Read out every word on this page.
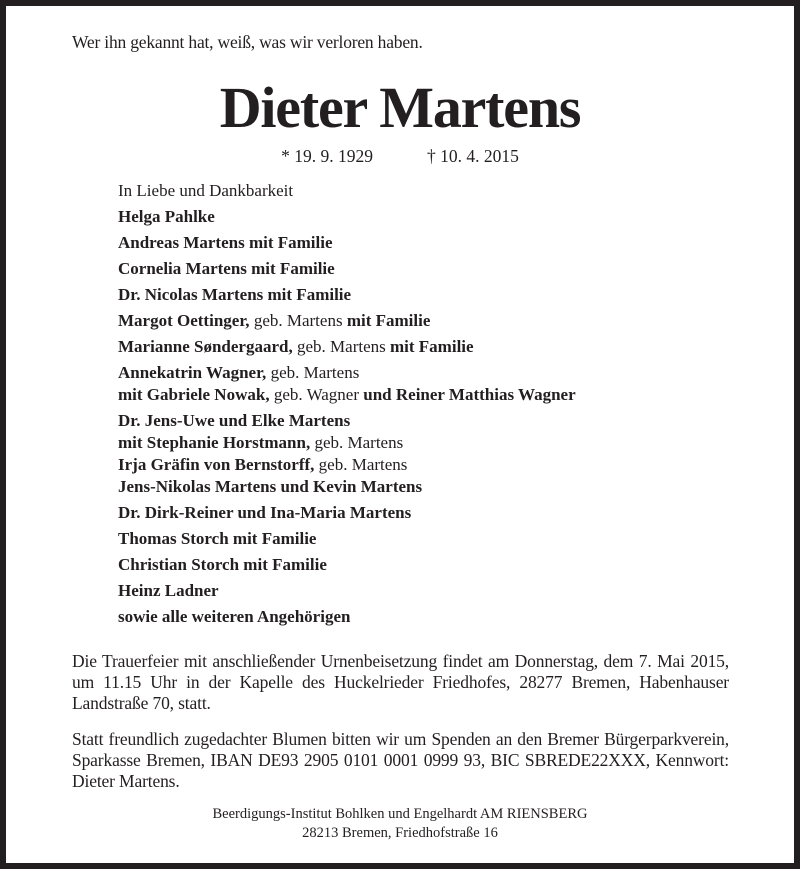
Wer ihn gekannt hat, weiß, was wir verloren haben.
Dieter Martens
* 19. 9. 1929	† 10. 4. 2015
In Liebe und Dankbarkeit
Helga Pahlke
Andreas Martens mit Familie
Cornelia Martens mit Familie
Dr. Nicolas Martens mit Familie
Margot Oettinger, geb. Martens mit Familie
Marianne Søndergaard, geb. Martens mit Familie
Annekatrin Wagner, geb. Martens
mit Gabriele Nowak, geb. Wagner und Reiner Matthias Wagner
Dr. Jens-Uwe und Elke Martens
mit Stephanie Horstmann, geb. Martens
Irja Gräfin von Bernstorff, geb. Martens
Jens-Nikolas Martens und Kevin Martens
Dr. Dirk-Reiner und Ina-Maria Martens
Thomas Storch mit Familie
Christian Storch mit Familie
Heinz Ladner
sowie alle weiteren Angehörigen
Die Trauerfeier mit anschließender Urnenbeisetzung findet am Donnerstag, dem 7. Mai 2015, um 11.15 Uhr in der Kapelle des Huckelrieder Friedhofes, 28277 Bremen, Habenhauser Landstraße 70, statt.
Statt freundlich zugedachter Blumen bitten wir um Spenden an den Bremer Bürgerparkverein, Sparkasse Bremen, IBAN DE93 2905 0101 0001 0999 93, BIC SBREDE22XXX, Kennwort: Dieter Martens.
Beerdigungs-Institut Bohlken und Engelhardt AM RIENSBERG
28213 Bremen, Friedhofstraße 16
